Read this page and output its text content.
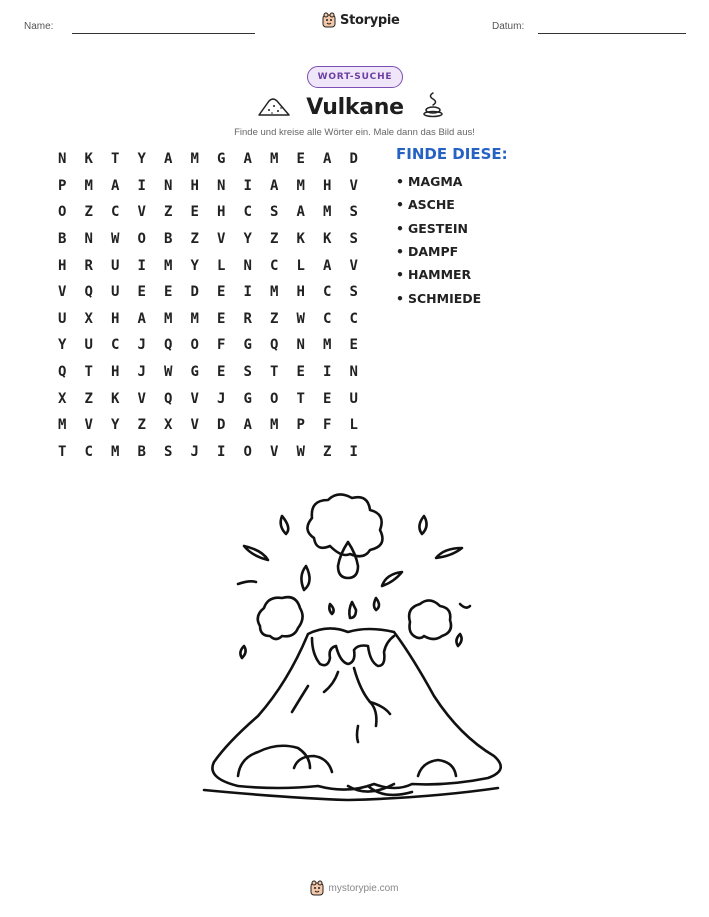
Name:	Storypie	Datum:
WORT-SUCHE
Vulkane
Finde und kreise alle Wörter ein. Male dann das Bild aus!
N	K	T	Y	A	M	G	A	M	E	A	D
P	M	A	I	N	H	N	I	A	M	H	V
O	Z	C	V	Z	E	H	C	S	A	M	S
B	N	W	O	B	Z	V	Y	Z	K	K	S
H	R	U	I	M	Y	L	N	C	L	A	V
V	Q	U	E	E	D	E	I	M	H	C	S
U	X	H	A	M	M	E	R	Z	W	C	C
Y	U	C	J	Q	O	F	G	Q	N	M	E
Q	T	H	J	W	G	E	S	T	E	I	N
X	Z	K	V	Q	V	J	G	O	T	E	U
M	V	Y	Z	X	V	D	A	M	P	F	L
T	C	M	B	S	J	I	O	V	W	Z	I
FINDE DIESE:
• MAGMA
• ASCHE
• GESTEIN
• DAMPF
• HAMMER
• SCHMIEDE
mystorypie.com
